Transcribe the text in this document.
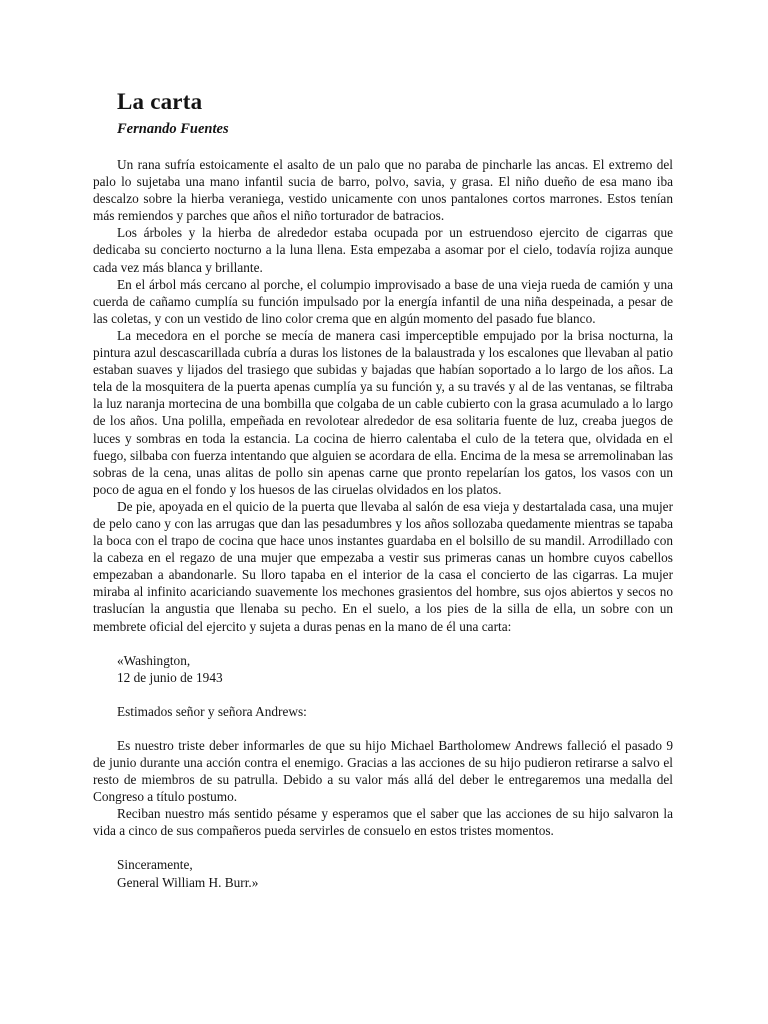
La carta
Fernando Fuentes

Un rana sufría estoicamente el asalto de un palo que no paraba de pincharle las ancas. El extremo del palo lo sujetaba una mano infantil sucia de barro, polvo, savia, y grasa. El niño dueño de esa mano iba descalzo sobre la hierba veraniega, vestido unicamente con unos pantalones cortos marrones. Estos tenían más remiendos y parches que años el niño torturador de batracios.

Los árboles y la hierba de alrededor estaba ocupada por un estruendoso ejercito de cigarras que dedicaba su concierto nocturno a la luna llena. Esta empezaba a asomar por el cielo, todavía rojiza aunque cada vez más blanca y brillante.

En el árbol más cercano al porche, el columpio improvisado a base de una vieja rueda de camión y una cuerda de cañamo cumplía su función impulsado por la energía infantil de una niña despeinada, a pesar de las coletas, y con un vestido de lino color crema que en algún momento del pasado fue blanco.

La mecedora en el porche se mecía de manera casi imperceptible empujado por la brisa nocturna, la pintura azul descascarillada cubría a duras los listones de la balaustrada y los escalones que llevaban al patio estaban suaves y lijados del trasiego que subidas y bajadas que habían soportado a lo largo de los años. La tela de la mosquitera de la puerta apenas cumplía ya su función y, a su través y al de las ventanas, se filtraba la luz naranja mortecina de una bombilla que colgaba de un cable cubierto con la grasa acumulado a lo largo de los años. Una polilla, empeñada en revolotear alrededor de esa solitaria fuente de luz, creaba juegos de luces y sombras en toda la estancia. La cocina de hierro calentaba el culo de la tetera que, olvidada en el fuego, silbaba con fuerza intentando que alguien se acordara de ella. Encima de la mesa se arremolinaban las sobras de la cena, unas alitas de pollo sin apenas carne que pronto repelarían los gatos, los vasos con un poco de agua en el fondo y los huesos de las ciruelas olvidados en los platos.

De pie, apoyada en el quicio de la puerta que llevaba al salón de esa vieja y destartalada casa, una mujer de pelo cano y con las arrugas que dan las pesadumbres y los años sollozaba quedamente mientras se tapaba la boca con el trapo de cocina que hace unos instantes guardaba en el bolsillo de su mandil. Arrodillado con la cabeza en el regazo de una mujer que empezaba a vestir sus primeras canas un hombre cuyos cabellos empezaban a abandonarle. Su lloro tapaba en el interior de la casa el concierto de las cigarras. La mujer miraba al infinito acariciando suavemente los mechones grasientos del hombre, sus ojos abiertos y secos no traslucían la angustia que llenaba su pecho. En el suelo, a los pies de la silla de ella, un sobre con un membrete oficial del ejercito y sujeta a duras penas en la mano de él una carta:

«Washington,
12 de junio de 1943
Estimados señor y señora Andrews:

Es nuestro triste deber informarles de que su hijo Michael Bartholomew Andrews falleció el pasado 9 de junio durante una acción contra el enemigo. Gracias a las acciones de su hijo pudieron retirarse a salvo el resto de miembros de su patrulla. Debido a su valor más allá del deber le entregaremos una medalla del Congreso a título postumo.

Reciban nuestro más sentido pésame y esperamos que el saber que las acciones de su hijo salvaron la vida a cinco de sus compañeros pueda servirles de consuelo en estos tristes momentos.

Sinceramente,
General William H. Burr.»
